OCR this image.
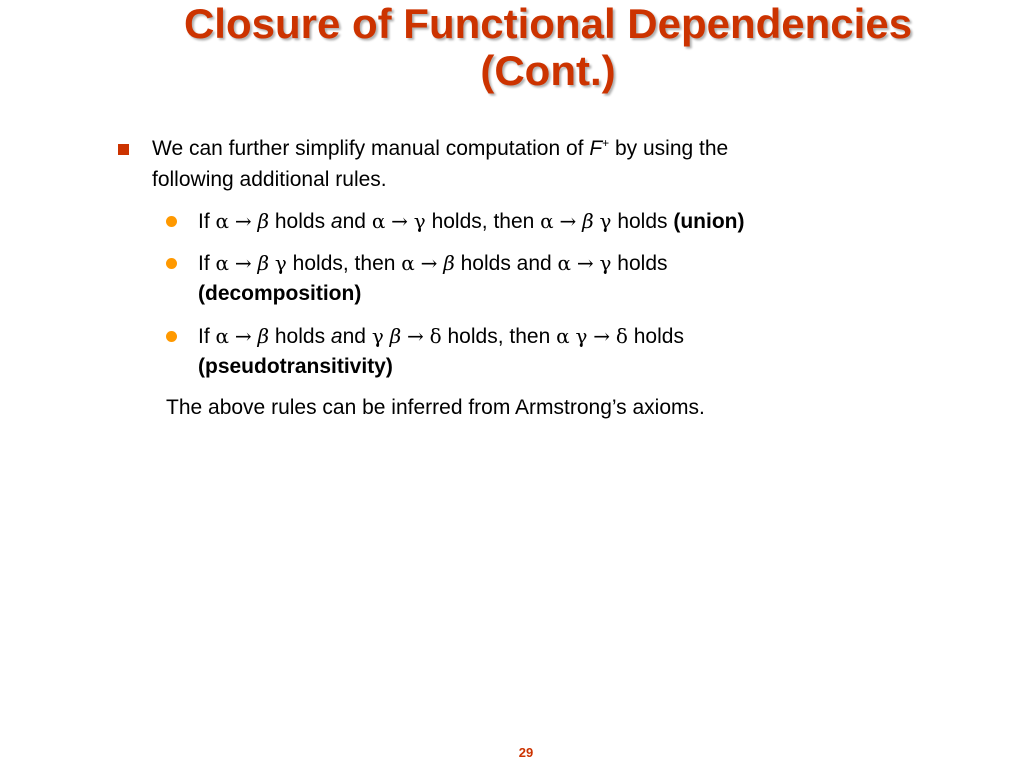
Closure of Functional Dependencies
(Cont.)
We can further simplify manual computation of F+ by using the
following additional rules.
If α → β holds and α → γ holds, then α → β γ holds (union)
If α → β γ holds, then α → β holds and α → γ holds
(decomposition)
If α → β holds and γ β → δ holds, then α γ → δ holds
(pseudotransitivity)
The above rules can be inferred from Armstrong’s axioms.
29
